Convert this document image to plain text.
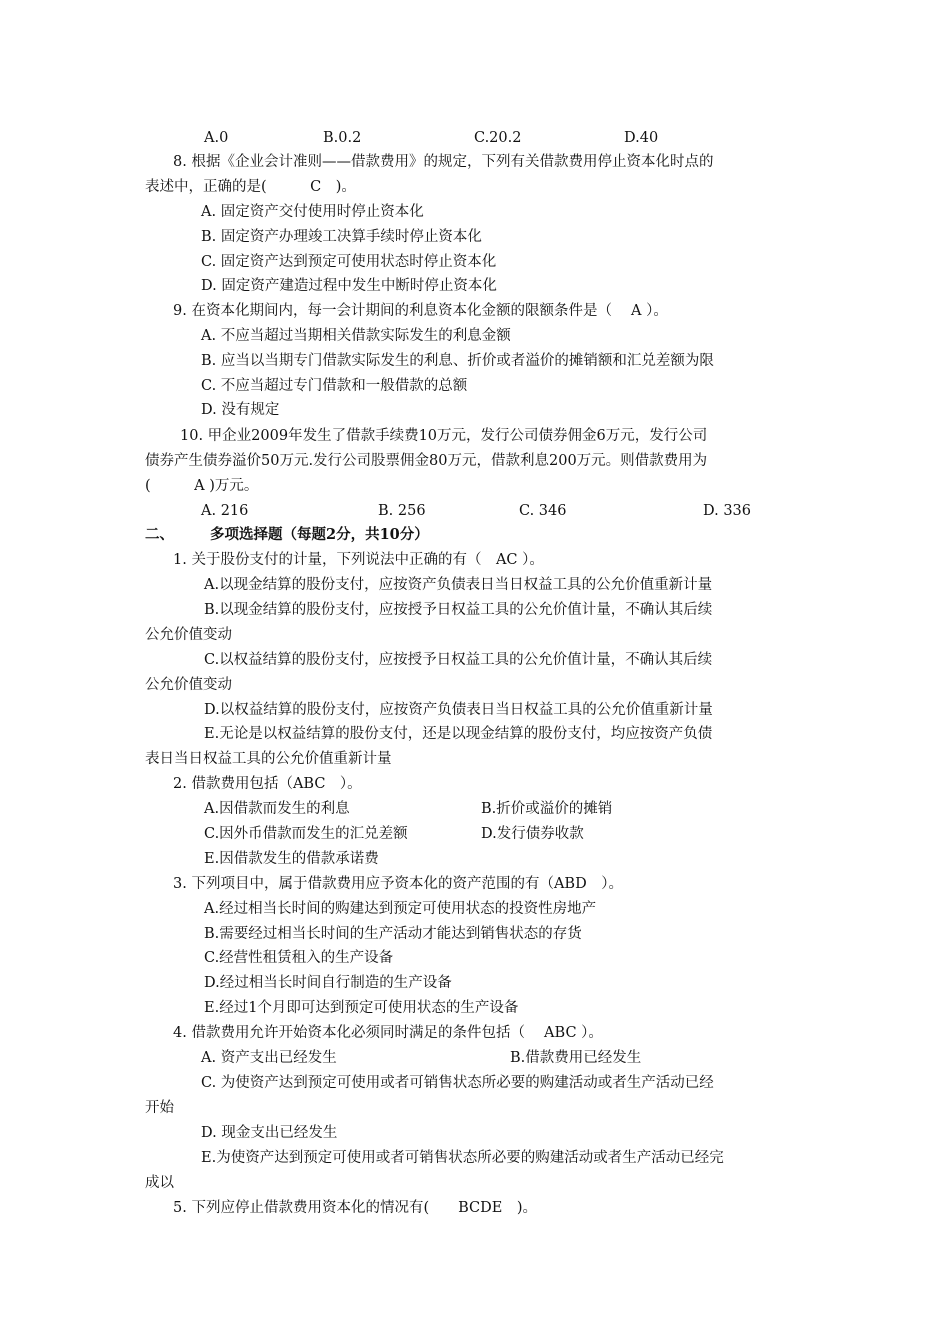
A.0	B.0.2	C.20.2	D.40
8. 根据《企业会计准则——借款费用》的规定，下列有关借款费用停止资本化时点的
表述中，正确的是(　　　C　)。
A. 固定资产交付使用时停止资本化
B. 固定资产办理竣工决算手续时停止资本化
C. 固定资产达到预定可使用状态时停止资本化
D. 固定资产建造过程中发生中断时停止资本化
9. 在资本化期间内，每一会计期间的利息资本化金额的限额条件是（　 A ）。
A. 不应当超过当期相关借款实际发生的利息金额
B. 应当以当期专门借款实际发生的利息、折价或者溢价的摊销额和汇兑差额为限
C. 不应当超过专门借款和一般借款的总额
D. 没有规定
10. 甲企业2009年发生了借款手续费10万元，发行公司债券佣金6万元，发行公司
债券产生债券溢价50万元.发行公司股票佣金80万元，借款利息200万元。则借款费用为
(　　　A )万元。
A. 216	B. 256	C. 346	D. 336
二、 多项选择题（每题2分，共10分）
1. 关于股份支付的计量，下列说法中正确的有（　AC ）。
A.以现金结算的股份支付，应按资产负债表日当日权益工具的公允价值重新计量
B.以现金结算的股份支付，应按授予日权益工具的公允价值计量，不确认其后续
公允价值变动
C.以权益结算的股份支付，应按授予日权益工具的公允价值计量，不确认其后续
公允价值变动
D.以权益结算的股份支付，应按资产负债表日当日权益工具的公允价值重新计量
E.无论是以权益结算的股份支付，还是以现金结算的股份支付，均应按资产负债
表日当日权益工具的公允价值重新计量
2. 借款费用包括（ABC　）。
A.因借款而发生的利息	B.折价或溢价的摊销
C.因外币借款而发生的汇兑差额	D.发行债券收款
E.因借款发生的借款承诺费
3. 下列项目中，属于借款费用应予资本化的资产范围的有（ABD　）。
A.经过相当长时间的购建达到预定可使用状态的投资性房地产
B.需要经过相当长时间的生产活动才能达到销售状态的存货
C.经营性租赁租入的生产设备
D.经过相当长时间自行制造的生产设备
E.经过1个月即可达到预定可使用状态的生产设备
4. 借款费用允许开始资本化必须同时满足的条件包括（　 ABC ）。
A. 资产支出已经发生	B.借款费用已经发生
C. 为使资产达到预定可使用或者可销售状态所必要的购建活动或者生产活动已经
开始
D. 现金支出已经发生
E.为使资产达到预定可使用或者可销售状态所必要的购建活动或者生产活动已经完
成以
5. 下列应停止借款费用资本化的情况有(　　BCDE　)。
